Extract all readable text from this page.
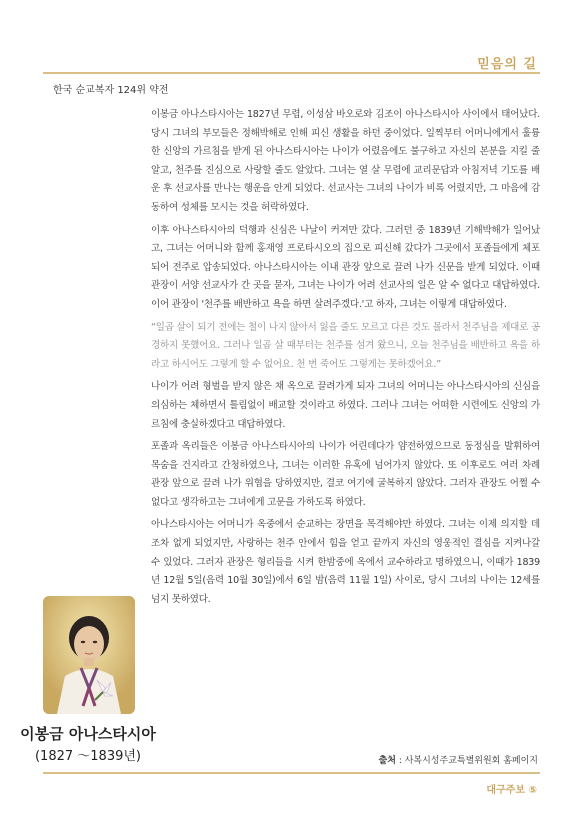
믿음의 길
한국 순교복자 124위 약전

이봉금 아나스타시아는 1827년 무렵, 이성삼 바오로와 김조이 아나스타시아 사이에서 태어났다. 당시 그녀의 부모들은 정해박해로 인해 피신 생활을 하던 중이었다. 일찍부터 어머니에게서 훌륭한 신앙의 가르침을 받게 된 아나스타시아는 나이가 어렸음에도 불구하고 자신의 본분을 지킬 줄 알고, 천주를 진심으로 사랑할 줄도 알았다. 그녀는 열 살 무렵에 교리문답과 아침저녁 기도를 배운 후 선교사를 만나는 행운을 안게 되었다. 선교사는 그녀의 나이가 비록 어렸지만, 그 마음에 감동하여 성체를 모시는 것을 허락하였다.

이후 아나스타시아의 덕행과 신심은 나날이 커져만 갔다. 그러던 중 1839년 기해박해가 일어났고, 그녀는 어머니와 함께 홍재영 프로타시오의 집으로 피신해 갔다가 그곳에서 포졸들에게 체포되어 전주로 압송되었다. 아나스타시아는 이내 관장 앞으로 끌려 나가 신문을 받게 되었다. 이때 관장이 서양 선교사가 간 곳을 묻자, 그녀는 나이가 어려 선교사의 일은 알 수 없다고 대답하였다. 이어 관장이 '천주를 배반하고 욕을 하면 살려주겠다.'고 하자, 그녀는 이렇게 대답하였다.

“일곱 살이 되기 전에는 철이 나지 않아서 잃을 줄도 모르고 다른 것도 몰라서 천주님을 제대로 공경하지 못했어요. 그러나 일곱 살 때부터는 천주를 섬겨 왔으니, 오늘 천주님을 배반하고 욕을 하라고 하시어도 그렇게 할 수 없어요. 천 번 죽어도 그렇게는 못하겠어요.”

나이가 어려 형벌을 받지 않은 채 옥으로 끌려가게 되자 그녀의 어머니는 아나스타시아의 신심을 의심하는 체하면서 틀림없이 배교할 것이라고 하였다. 그러나 그녀는 어떠한 시련에도 신앙의 가르침에 충실하겠다고 대답하였다.

포졸과 옥리들은 이봉금 아나스타시아의 나이가 어린데다가 얌전하였으므로 동정심을 발휘하여 목숨을 건지라고 간청하였으나, 그녀는 이러한 유혹에 넘어가지 않았다. 또 이후로도 여러 차례 관장 앞으로 끌려 나가 위협을 당하였지만, 결코 여기에 굴복하지 않았다. 그러자 관장도 어쩔 수 없다고 생각하고는 그녀에게 고문을 가하도록 하였다.

아나스타시아는 어머니가 옥중에서 순교하는 장면을 목격해야만 하였다. 그녀는 이제 의지할 데조차 없게 되었지만, 사랑하는 천주 안에서 힘을 얻고 끝까지 자신의 영웅적인 결심을 지켜나갈 수 있었다. 그러자 관장은 형리들을 시켜 한밤중에 옥에서 교수하라고 명하였으니, 이때가 1839년 12월 5일(음력 10월 30일)에서 6일 밤(음력 11월 1일) 사이로, 당시 그녀의 나이는 12세를 넘지 못하였다.

이봉금 아나스타시아
(1827 ～1839년)	출처 : 사복시성주교특별위원회 홈페이지
대구주보 ⑤
